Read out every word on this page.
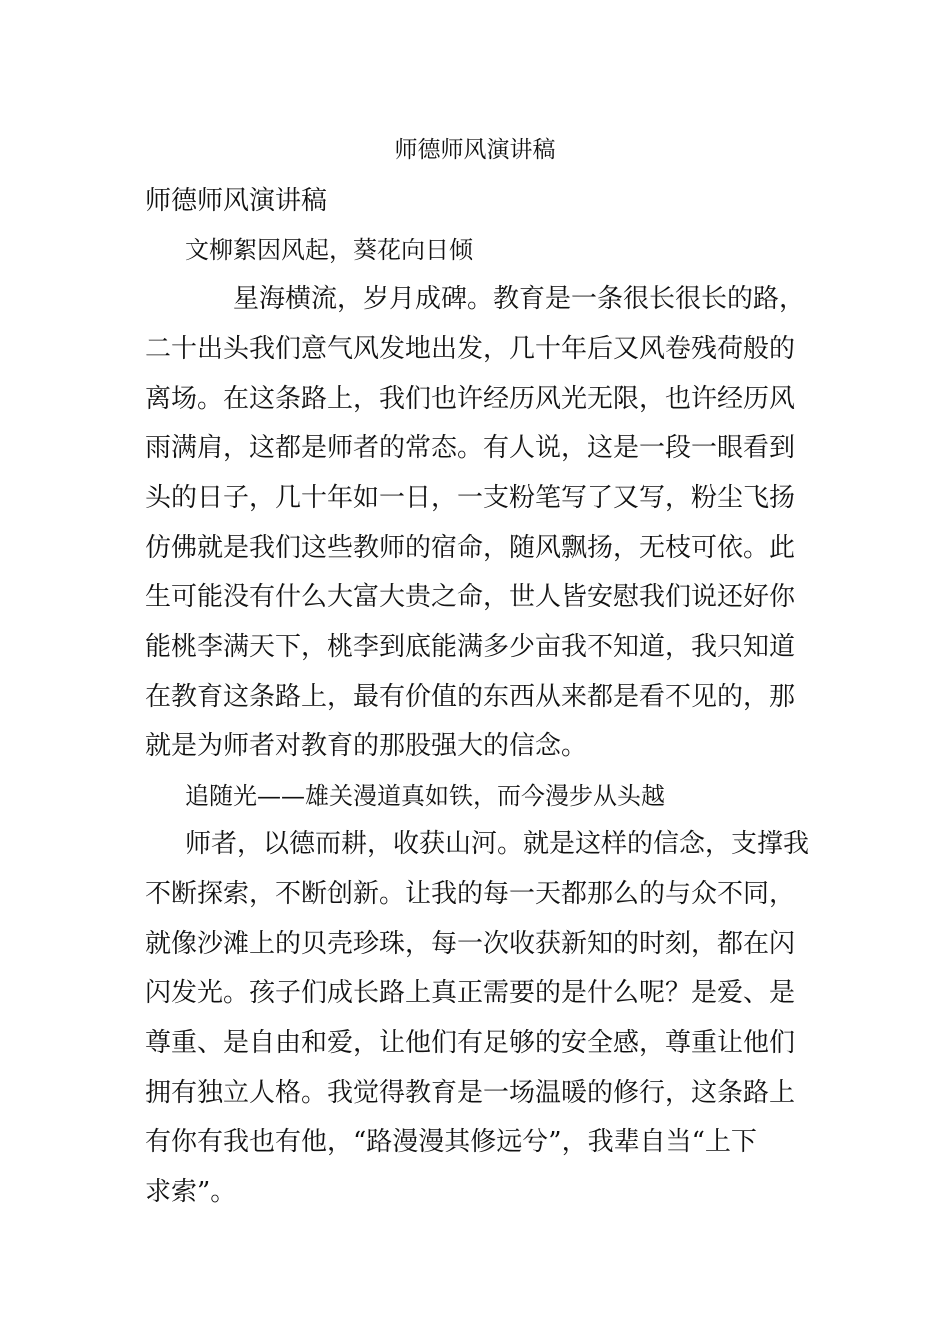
师德师风演讲稿
师德师风演讲稿
文柳絮因风起，葵花向日倾
星海横流，岁月成碑。教育是一条很长很长的路，
二十出头我们意气风发地出发，几十年后又风卷残荷般的
离场。在这条路上，我们也许经历风光无限，也许经历风
雨满肩，这都是师者的常态。有人说，这是一段一眼看到
头的日子，几十年如一日，一支粉笔写了又写，粉尘飞扬
仿佛就是我们这些教师的宿命，随风飘扬，无枝可依。此
生可能没有什么大富大贵之命，世人皆安慰我们说还好你
能桃李满天下，桃李到底能满多少亩我不知道，我只知道
在教育这条路上，最有价值的东西从来都是看不见的，那
就是为师者对教育的那股强大的信念。
追随光——雄关漫道真如铁，而今漫步从头越
师者，以德而耕，收获山河。就是这样的信念，支撑我
不断探索，不断创新。让我的每一天都那么的与众不同，
就像沙滩上的贝壳珍珠，每一次收获新知的时刻，都在闪
闪发光。孩子们成长路上真正需要的是什么呢？是爱、是
尊重、是自由和爱，让他们有足够的安全感，尊重让他们
拥有独立人格。我觉得教育是一场温暖的修行，这条路上
有你有我也有他，“路漫漫其修远兮”，我辈自当“上下
求索”。
